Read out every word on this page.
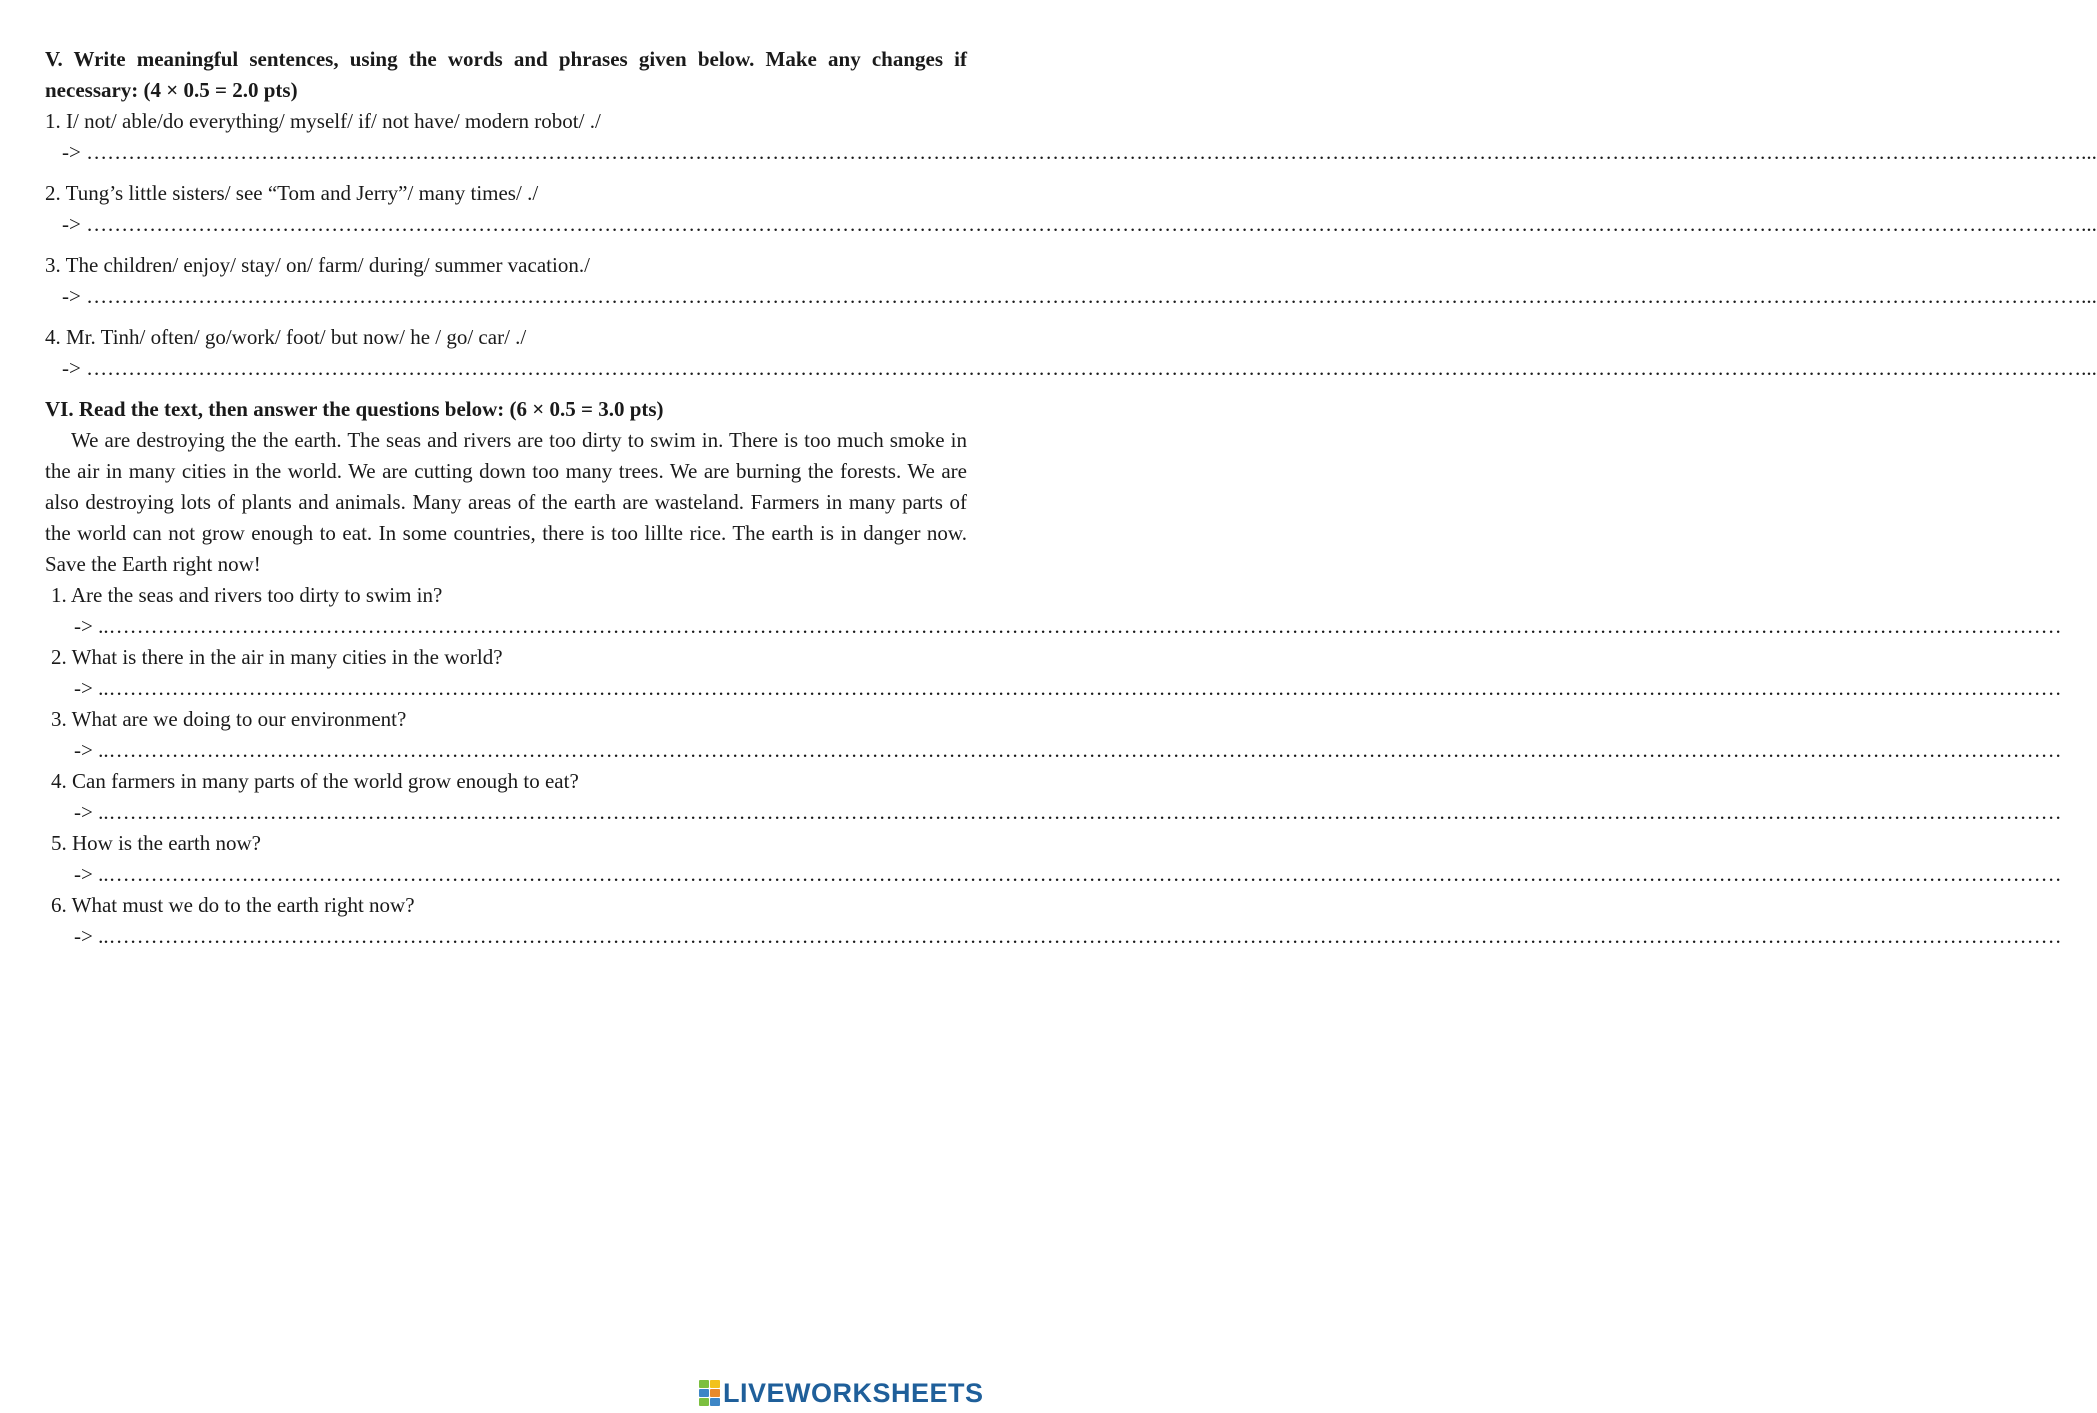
V. Write meaningful sentences, using the words and phrases given below. Make any changes if necessary: (4 × 0.5 = 2.0 pts)

1. I/ not/ able/do everything/ myself/ if/ not have/ modern robot/ ./

-> ……………………………………………………………………………………………………………………………………………………………………………………………………………………………………………………………...

2. Tung’s little sisters/ see “Tom and Jerry”/ many times/ ./

-> ……………………………………………………………………………………………………………………………………………………………………………………………………………………………………………………………...

3. The children/ enjoy/ stay/ on/ farm/ during/ summer vacation./

-> ……………………………………………………………………………………………………………………………………………………………………………………………………………………………………………………………...

4. Mr. Tinh/ often/ go/work/ foot/ but now/ he / go/ car/ ./

-> ……………………………………………………………………………………………………………………………………………………………………………………………………………………………………………………………...

VI. Read the text, then answer the questions below: (6 × 0.5 = 3.0 pts)

We are destroying the the earth. The seas and rivers are too dirty to swim in. There is too much smoke in the air in many cities in the world. We are cutting down too many trees. We are burning the forests. We are also destroying lots of plants and animals. Many areas of the earth are wasteland. Farmers in many parts of the world can not grow enough to eat. In some countries, there is too lillte rice. The earth is in danger now. Save the Earth right now!

1. Are the seas and rivers too dirty to swim in?

-> ..………………………………………………………………………………………………………………………………………………………………………………………………………………………………………………………

2. What is there in the air in many cities in the world?

-> ..………………………………………………………………………………………………………………………………………………………………………………………………………………………………………………………

3. What are we doing to our environment?

-> ..………………………………………………………………………………………………………………………………………………………………………………………………………………………………………………………

4. Can farmers in many parts of the world grow enough to eat?

-> ..………………………………………………………………………………………………………………………………………………………………………………………………………………………………………………………

5. How is the earth now?

-> ..………………………………………………………………………………………………………………………………………………………………………………………………………………………………………………………

6. What must we do to the earth right now?

-> ..………………………………………………………………………………………………………………………………………………………………………………………………………………………………………………………

LIVEWORKSHEETS
